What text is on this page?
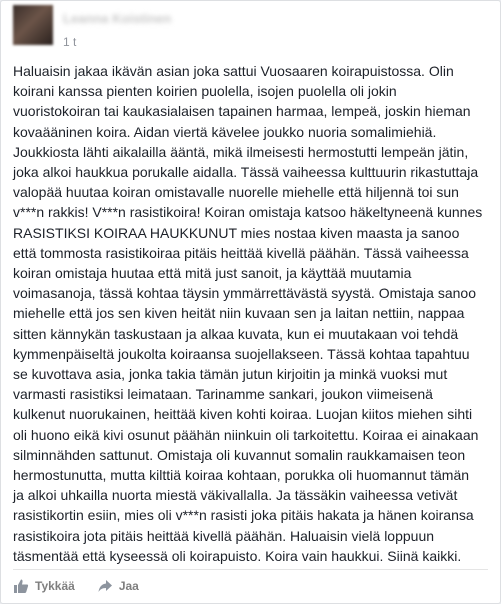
Leanna Koistinen
1 t

Haluaisin jakaa ikävän asian joka sattui Vuosaaren koirapuistossa. Olin koirani kanssa pienten koirien puolella, isojen puolella oli jokin vuoristokoiran tai kaukasialaisen tapainen harmaa, lempeä, joskin hieman kovaääninen koira. Aidan viertä kävelee joukko nuoria somalimiehiä. Joukkiosta lähti aikalailla ääntä, mikä ilmeisesti hermostutti lempeän jätin, joka alkoi haukkua porukalle aidalla. Tässä vaiheessa kulttuurin rikastuttaja valopää huutaa koiran omistavalle nuorelle miehelle että hiljennä toi sun v***n rakkis! V***n rasistikoira! Koiran omistaja katsoo häkeltyneenä kunnes RASISTIKSI KOIRAA HAUKKUNUT mies nostaa kiven maasta ja sanoo että tommosta rasistikoiraa pitäis heittää kivellä päähän. Tässä vaiheessa koiran omistaja huutaa että mitä just sanoit, ja käyttää muutamia voimasanoja, tässä kohtaa täysin ymmärrettävästä syystä. Omistaja sanoo miehelle että jos sen kiven heität niin kuvaan sen ja laitan nettiin, nappaa sitten kännykän taskustaan ja alkaa kuvata, kun ei muutakaan voi tehdä kymmenpäiseltä joukolta koiraansa suojellakseen. Tässä kohtaa tapahtuu se kuvottava asia, jonka takia tämän jutun kirjoitin ja minkä vuoksi mut varmasti rasistiksi leimataan. Tarinamme sankari, joukon viimeisenä kulkenut nuorukainen, heittää kiven kohti koiraa. Luojan kiitos miehen sihti oli huono eikä kivi osunut päähän niinkuin oli tarkoitettu. Koiraa ei ainakaan silminnähden sattunut. Omistaja oli kuvannut somalin raukkamaisen teon hermostunutta, mutta kilttiä koiraa kohtaan, porukka oli huomannut tämän ja alkoi uhkailla nuorta miestä väkivallalla. Ja tässäkin vaiheessa vetivät rasistikortin esiin, mies oli v***n rasisti joka pitäis hakata ja hänen koiransa rasistikoira jota pitäis heittää kivellä päähän. Haluaisin vielä loppuun täsmentää että kyseessä oli koirapuisto. Koira vain haukkui. Siinä kaikki.

Tykkää	Jaa
